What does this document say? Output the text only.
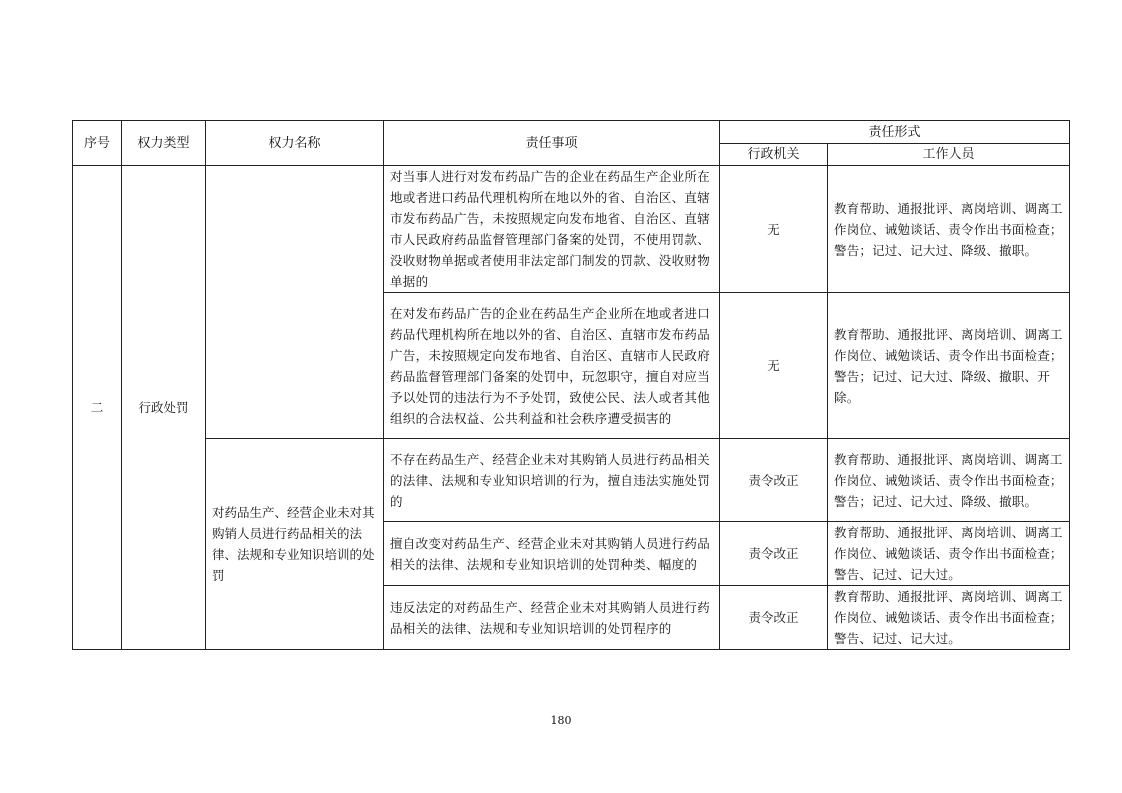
序号	权力类型	权力名称	责任事项	责任形式	
				行政机关	工作人员
二	行政处罚		对当事人进行对发布药品广告的企业在药品生产企业所在地或者进口药品代理机构所在地以外的省、自治区、直辖市发布药品广告，未按照规定向发布地省、自治区、直辖市人民政府药品监督管理部门备案的处罚，不使用罚款、没收财物单据或者使用非法定部门制发的罚款、没收财物单据的	无	教育帮助、通报批评、离岗培训、调离工作岗位、诫勉谈话、责令作出书面检查；警告；记过、记大过、降级、撤职。
			在对发布药品广告的企业在药品生产企业所在地或者进口药品代理机构所在地以外的省、自治区、直辖市发布药品广告，未按照规定向发布地省、自治区、直辖市人民政府药品监督管理部门备案的处罚中，玩忽职守，擅自对应当予以处罚的违法行为不予处罚，致使公民、法人或者其他组织的合法权益、公共利益和社会秩序遭受损害的	无	教育帮助、通报批评、离岗培训、调离工作岗位、诫勉谈话、责令作出书面检查；警告；记过、记大过、降级、撤职、开除。
		对药品生产、经营企业未对其购销人员进行药品相关的法律、法规和专业知识培训的处罚	不存在药品生产、经营企业未对其购销人员进行药品相关的法律、法规和专业知识培训的行为，擅自违法实施处罚的	责令改正	教育帮助、通报批评、离岗培训、调离工作岗位、诫勉谈话、责令作出书面检查；警告；记过、记大过、降级、撤职。
			擅自改变对药品生产、经营企业未对其购销人员进行药品相关的法律、法规和专业知识培训的处罚种类、幅度的	责令改正	教育帮助、通报批评、离岗培训、调离工作岗位、诫勉谈话、责令作出书面检查；警告、记过、记大过。
			违反法定的对药品生产、经营企业未对其购销人员进行药品相关的法律、法规和专业知识培训的处罚程序的	责令改正	教育帮助、通报批评、离岗培训、调离工作岗位、诫勉谈话、责令作出书面检查；警告、记过、记大过。
180
